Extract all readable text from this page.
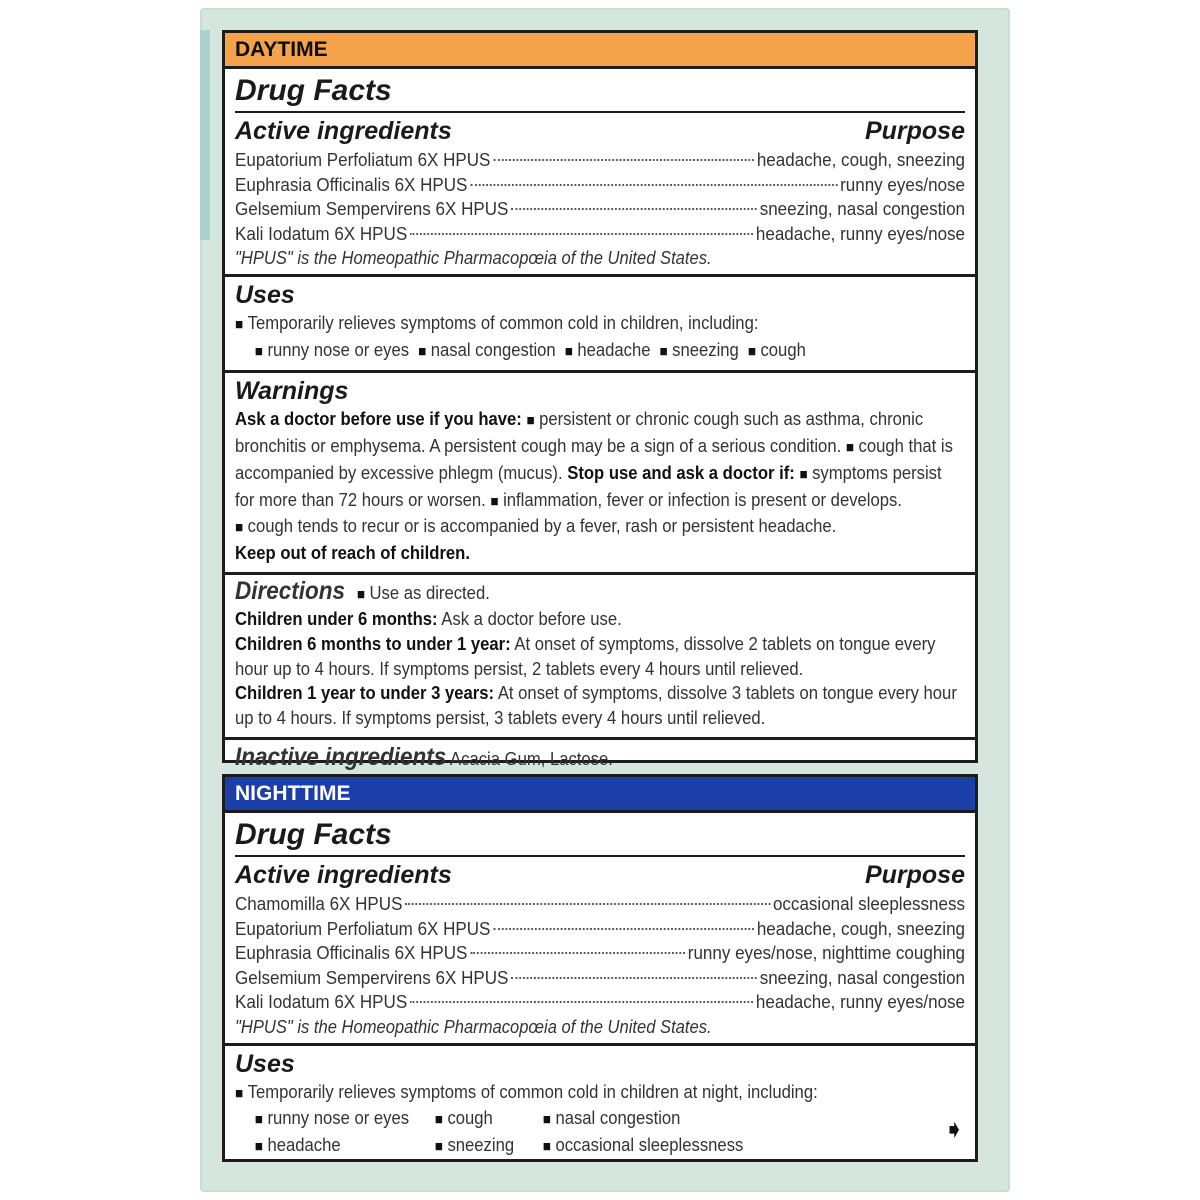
DAYTIME
Drug Facts
Active ingredients	Purpose
Eupatorium Perfoliatum 6X HPUS	headache, cough, sneezing
Euphrasia Officinalis 6X HPUS	runny eyes/nose
Gelsemium Sempervirens 6X HPUS	sneezing, nasal congestion
Kali Iodatum 6X HPUS	headache, runny eyes/nose
"HPUS" is the Homeopathic Pharmacopœia of the United States.
Uses
■ Temporarily relieves symptoms of common cold in children, including:
■ runny nose or eyes	■ nasal congestion	■ headache	■ sneezing	■ cough
Warnings
Ask a doctor before use if you have: ■ persistent or chronic cough such as asthma, chronic bronchitis or emphysema. A persistent cough may be a sign of a serious condition. ■ cough that is accompanied by excessive phlegm (mucus). Stop use and ask a doctor if: ■ symptoms persist for more than 72 hours or worsen. ■ inflammation, fever or infection is present or develops. ■ cough tends to recur or is accompanied by a fever, rash or persistent headache.
Keep out of reach of children.
Directions ■ Use as directed.
Children under 6 months: Ask a doctor before use.
Children 6 months to under 1 year: At onset of symptoms, dissolve 2 tablets on tongue every hour up to 4 hours. If symptoms persist, 2 tablets every 4 hours until relieved.
Children 1 year to under 3 years: At onset of symptoms, dissolve 3 tablets on tongue every hour up to 4 hours. If symptoms persist, 3 tablets every 4 hours until relieved.
Inactive ingredients Acacia Gum, Lactose.
NIGHTTIME
Drug Facts
Active ingredients	Purpose
Chamomilla 6X HPUS	occasional sleeplessness
Eupatorium Perfoliatum 6X HPUS	headache, cough, sneezing
Euphrasia Officinalis 6X HPUS	runny eyes/nose, nighttime coughing
Gelsemium Sempervirens 6X HPUS	sneezing, nasal congestion
Kali Iodatum 6X HPUS	headache, runny eyes/nose
"HPUS" is the Homeopathic Pharmacopœia of the United States.
Uses
■ Temporarily relieves symptoms of common cold in children at night, including:
■ runny nose or eyes	■ cough	■ nasal congestion
■ headache	■ sneezing	■ occasional sleeplessness
➧
